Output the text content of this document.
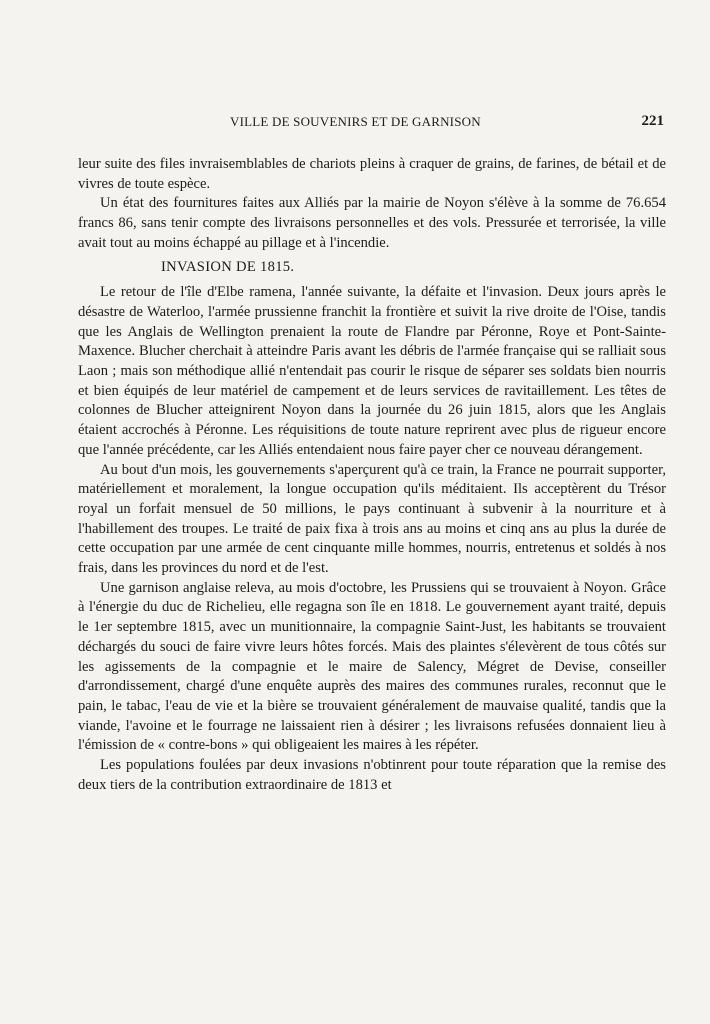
VILLE DE SOUVENIRS ET DE GARNISON	221

leur suite des files invraisemblables de chariots pleins à craquer de grains, de farines, de bétail et de vivres de toute espèce.

Un état des fournitures faites aux Alliés par la mairie de Noyon s'élève à la somme de 76.654 francs 86, sans tenir compte des livraisons personnelles et des vols. Pressurée et terrorisée, la ville avait tout au moins échappé au pillage et à l'incendie.

INVASION DE 1815.

Le retour de l'île d'Elbe ramena, l'année suivante, la défaite et l'invasion. Deux jours après le désastre de Waterloo, l'armée prussienne franchit la frontière et suivit la rive droite de l'Oise, tandis que les Anglais de Wellington prenaient la route de Flandre par Péronne, Roye et Pont-Sainte-Maxence. Blucher cherchait à atteindre Paris avant les débris de l'armée française qui se ralliait sous Laon ; mais son méthodique allié n'entendait pas courir le risque de séparer ses soldats bien nourris et bien équipés de leur matériel de campement et de leurs services de ravitaillement. Les têtes de colonnes de Blucher atteignirent Noyon dans la journée du 26 juin 1815, alors que les Anglais étaient accrochés à Péronne. Les réquisitions de toute nature reprirent avec plus de rigueur encore que l'année précédente, car les Alliés entendaient nous faire payer cher ce nouveau dérangement.

Au bout d'un mois, les gouvernements s'aperçurent qu'à ce train, la France ne pourrait supporter, matériellement et moralement, la longue occupation qu'ils méditaient. Ils acceptèrent du Trésor royal un forfait mensuel de 50 millions, le pays continuant à subvenir à la nourriture et à l'habillement des troupes. Le traité de paix fixa à trois ans au moins et cinq ans au plus la durée de cette occupation par une armée de cent cinquante mille hommes, nourris, entretenus et soldés à nos frais, dans les provinces du nord et de l'est.

Une garnison anglaise releva, au mois d'octobre, les Prussiens qui se trouvaient à Noyon. Grâce à l'énergie du duc de Richelieu, elle regagna son île en 1818. Le gouvernement ayant traité, depuis le 1er septembre 1815, avec un munitionnaire, la compagnie Saint-Just, les habitants se trouvaient déchargés du souci de faire vivre leurs hôtes forcés. Mais des plaintes s'élevèrent de tous côtés sur les agissements de la compagnie et le maire de Salency, Mégret de Devise, conseiller d'arrondissement, chargé d'une enquête auprès des maires des communes rurales, reconnut que le pain, le tabac, l'eau de vie et la bière se trouvaient généralement de mauvaise qualité, tandis que la viande, l'avoine et le fourrage ne laissaient rien à désirer ; les livraisons refusées donnaient lieu à l'émission de « contre-bons » qui obligeaient les maires à les répéter.

Les populations foulées par deux invasions n'obtinrent pour toute réparation que la remise des deux tiers de la contribution extraordinaire de 1813 et
